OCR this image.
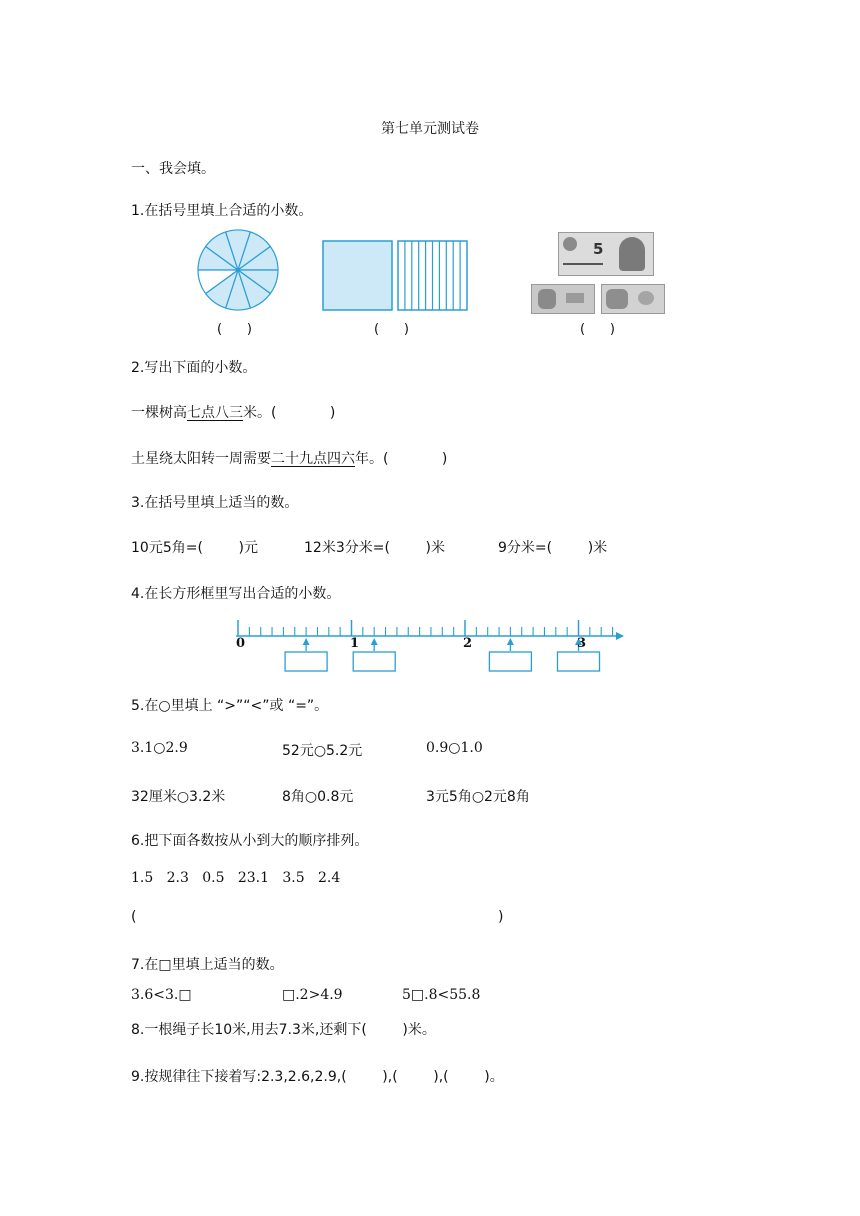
第七单元测试卷
一、我会填。
1.在括号里填上合适的小数。
5
(      )	(      )	(      )
2.写出下面的小数。
一棵树高七点八三米。(            )
土星绕太阳转一周需要二十九点四六年。(            )
3.在括号里填上适当的数。
10元5角=(        )元	12米3分米=(        )米	9分米=(        )米
4.在长方形框里写出合适的小数。
0	1	2	3
5.在○里填上 “>”“<”或 “=”。
3.1○2.9	52元○5.2元	0.9○1.0
32厘米○3.2米	8角○0.8元	3元5角○2元8角
6.把下面各数按从小到大的顺序排列。
1.5   2.3   0.5   23.1   3.5   2.4
(	)
7.在□里填上适当的数。
3.6<3.□	□.2>4.9	5□.8<55.8
8.一根绳子长10米,用去7.3米,还剩下(        )米。
9.按规律往下接着写:2.3,2.6,2.9,(        ),(        ),(        )。
